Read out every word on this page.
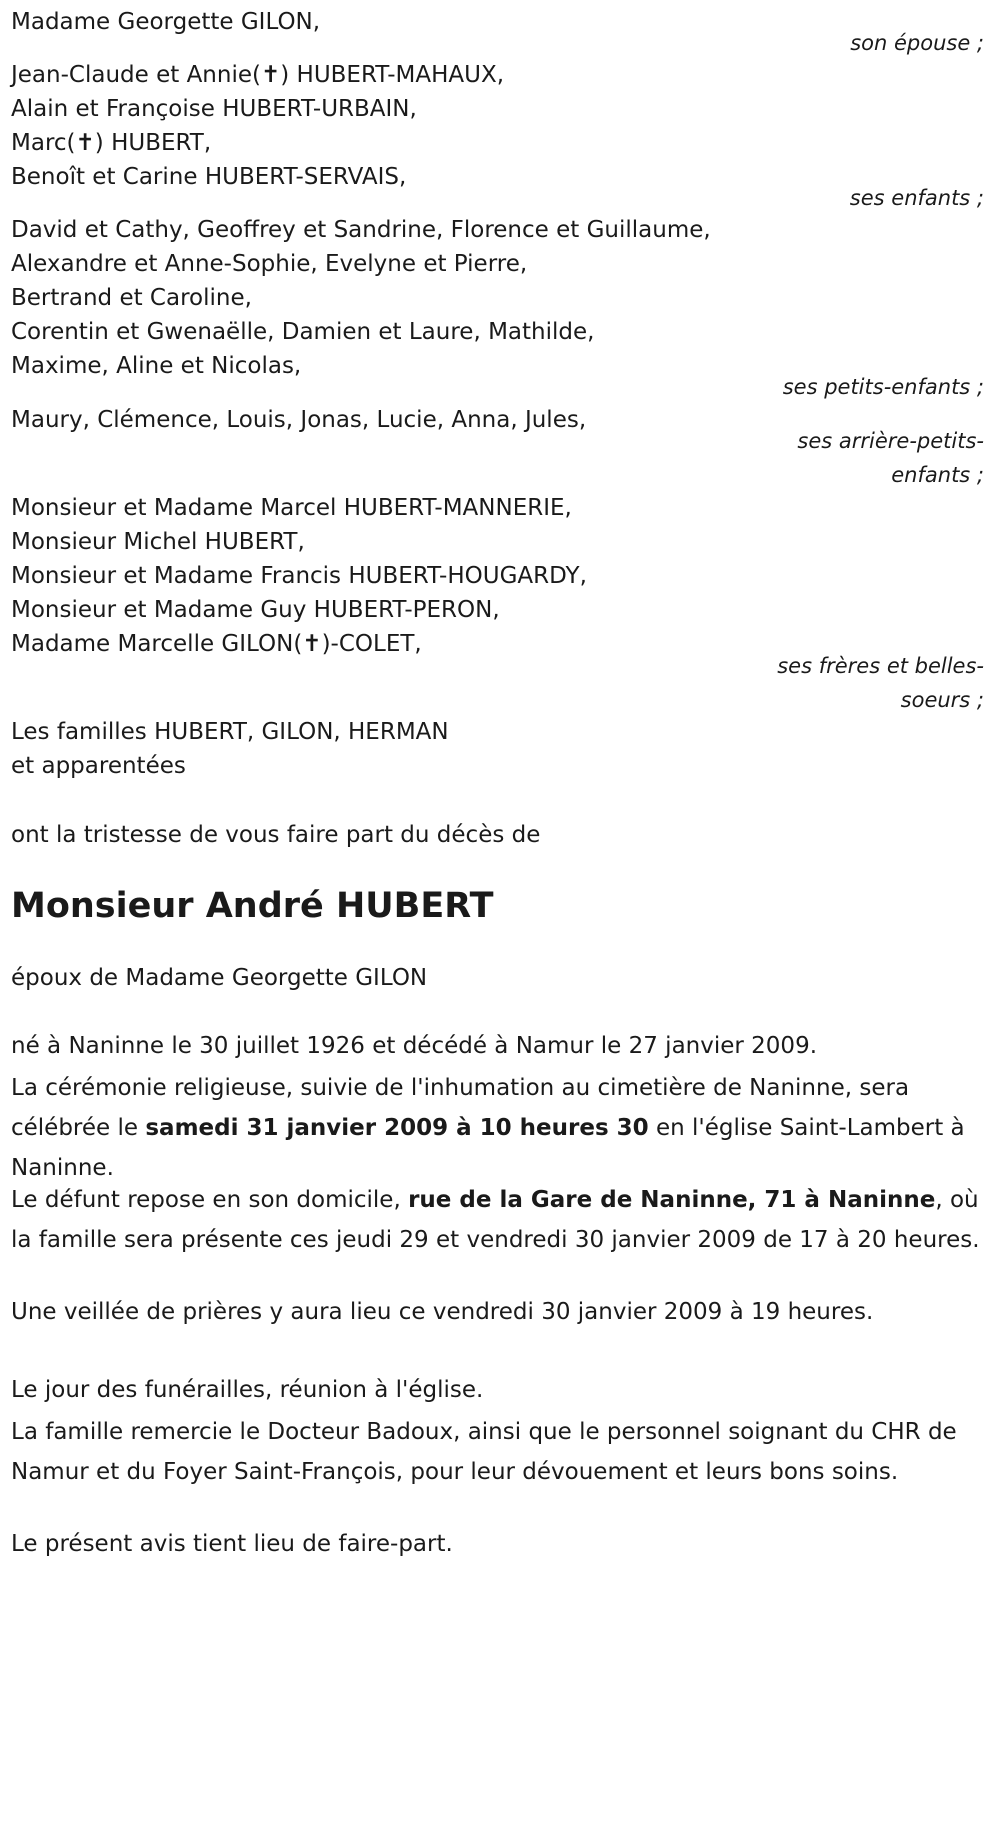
Madame Georgette GILON,
son épouse ;
Jean-Claude et Annie(✝) HUBERT-MAHAUX,
Alain et Françoise HUBERT-URBAIN,
Marc(✝) HUBERT,
Benoît et Carine HUBERT-SERVAIS,
ses enfants ;
David et Cathy, Geoffrey et Sandrine, Florence et Guillaume,
Alexandre et Anne-Sophie, Evelyne et Pierre,
Bertrand et Caroline,
Corentin et Gwenaëlle, Damien et Laure, Mathilde,
Maxime, Aline et Nicolas,
ses petits-enfants ;
Maury, Clémence, Louis, Jonas, Lucie, Anna, Jules,
ses arrière-petits-
enfants ;
Monsieur et Madame Marcel HUBERT-MANNERIE,
Monsieur Michel HUBERT,
Monsieur et Madame Francis HUBERT-HOUGARDY,
Monsieur et Madame Guy HUBERT-PERON,
Madame Marcelle GILON(✝)-COLET,
ses frères et belles-
soeurs ;
Les familles HUBERT, GILON, HERMAN
et apparentées
ont la tristesse de vous faire part du décès de
Monsieur André HUBERT
époux de Madame Georgette GILON
né à Naninne le 30 juillet 1926 et décédé à Namur le 27 janvier 2009.
La cérémonie religieuse, suivie de l'inhumation au cimetière de Naninne, sera célébrée le samedi 31 janvier 2009 à 10 heures 30 en l'église Saint-Lambert à Naninne.
Le défunt repose en son domicile, rue de la Gare de Naninne, 71 à Naninne, où la famille sera présente ces jeudi 29 et vendredi 30 janvier 2009 de 17 à 20 heures.
Une veillée de prières y aura lieu ce vendredi 30 janvier 2009 à 19 heures.
Le jour des funérailles, réunion à l'église.
La famille remercie le Docteur Badoux, ainsi que le personnel soignant du CHR de Namur et du Foyer Saint-François, pour leur dévouement et leurs bons soins.
Le présent avis tient lieu de faire-part.
